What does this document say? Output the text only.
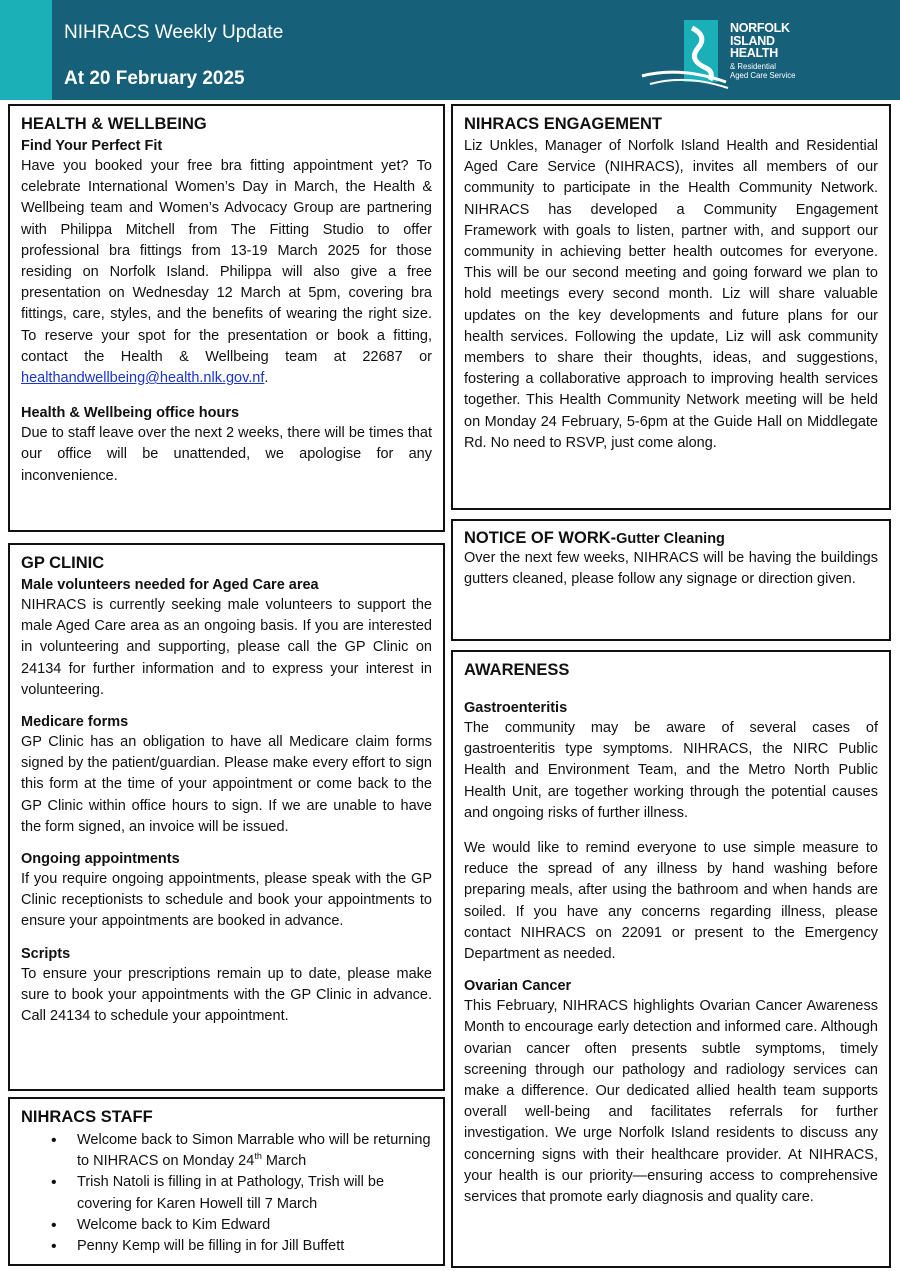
NIHRACS Weekly Update
At 20 February 2025
NORFOLK
ISLAND
HEALTH
& Residential
Aged Care Service
HEALTH & WELLBEING
Find Your Perfect Fit

Have you booked your free bra fitting appointment yet? To celebrate International Women’s Day in March, the Health & Wellbeing team and Women’s Advocacy Group are partnering with Philippa Mitchell from The Fitting Studio to offer professional bra fittings from 13-19 March 2025 for those residing on Norfolk Island. Philippa will also give a free presentation on Wednesday 12 March at 5pm, covering bra fittings, care, styles, and the benefits of wearing the right size. To reserve your spot for the presentation or book a fitting, contact the Health & Wellbeing team at 22687 or healthandwellbeing@health.nlk.gov.nf.

Health & Wellbeing office hours

Due to staff leave over the next 2 weeks, there will be times that our office will be unattended, we apologise for any inconvenience.

GP CLINIC
Male volunteers needed for Aged Care area

NIHRACS is currently seeking male volunteers to support the male Aged Care area as an ongoing basis. If you are interested in volunteering and supporting, please call the GP Clinic on 24134 for further information and to express your interest in volunteering.

Medicare forms

GP Clinic has an obligation to have all Medicare claim forms signed by the patient/guardian. Please make every effort to sign this form at the time of your appointment or come back to the GP Clinic within office hours to sign. If we are unable to have the form signed, an invoice will be issued.

Ongoing appointments

If you require ongoing appointments, please speak with the GP Clinic receptionists to schedule and book your appointments to ensure your appointments are booked in advance.

Scripts

To ensure your prescriptions remain up to date, please make sure to book your appointments with the GP Clinic in advance. Call 24134 to schedule your appointment.

NIHRACS STAFF
• Welcome back to Simon Marrable who will be returning to NIHRACS on Monday 24th March
• Trish Natoli is filling in at Pathology, Trish will be covering for Karen Howell till 7 March
• Welcome back to Kim Edward
• Penny Kemp will be filling in for Jill Buffett
NIHRACS ENGAGEMENT

Liz Unkles, Manager of Norfolk Island Health and Residential Aged Care Service (NIHRACS), invites all members of our community to participate in the Health Community Network. NIHRACS has developed a Community Engagement Framework with goals to listen, partner with, and support our community in achieving better health outcomes for everyone. This will be our second meeting and going forward we plan to hold meetings every second month. Liz will share valuable updates on the key developments and future plans for our health services. Following the update, Liz will ask community members to share their thoughts, ideas, and suggestions, fostering a collaborative approach to improving health services together. This Health Community Network meeting will be held on Monday 24 February, 5-6pm at the Guide Hall on Middlegate Rd. No need to RSVP, just come along.

NOTICE OF WORK-Gutter Cleaning

Over the next few weeks, NIHRACS will be having the buildings gutters cleaned, please follow any signage or direction given.

AWARENESS
Gastroenteritis

The community may be aware of several cases of gastroenteritis type symptoms. NIHRACS, the NIRC Public Health and Environment Team, and the Metro North Public Health Unit, are together working through the potential causes and ongoing risks of further illness.

We would like to remind everyone to use simple measure to reduce the spread of any illness by hand washing before preparing meals, after using the bathroom and when hands are soiled. If you have any concerns regarding illness, please contact NIHRACS on 22091 or present to the Emergency Department as needed.

Ovarian Cancer

This February, NIHRACS highlights Ovarian Cancer Awareness Month to encourage early detection and informed care. Although ovarian cancer often presents subtle symptoms, timely screening through our pathology and radiology services can make a difference. Our dedicated allied health team supports overall well-being and facilitates referrals for further investigation. We urge Norfolk Island residents to discuss any concerning signs with their healthcare provider. At NIHRACS, your health is our priority—ensuring access to comprehensive services that promote early diagnosis and quality care.
